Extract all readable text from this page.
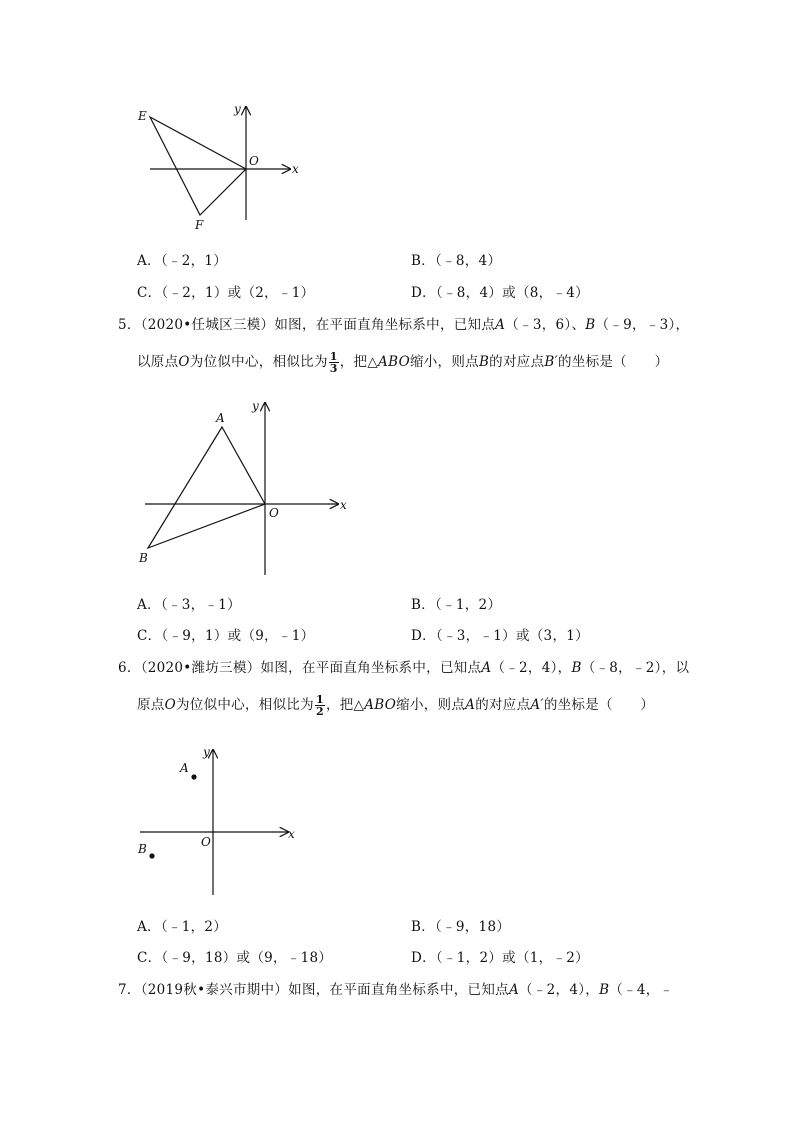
E
F
O
x
y
A．（﹣2，1）	B．（﹣8，4）
C．（﹣2，1）或（2，﹣1）	D．（﹣8，4）或（8，﹣4）
5．（2020•任城区三模）如图，在平面直角坐标系中，已知点A（﹣3，6）、B（﹣9，﹣3），
以原点O为位似中心，相似比为 $\frac{1}{3}$ ，把△ABO缩小，则点B的对应点B′的坐标是（　　）
A
B
O
x
y
A．（﹣3，﹣1）	B．（﹣1，2）
C．（﹣9，1）或（9，﹣1）	D．（﹣3，﹣1）或（3，1）
6．（2020•潍坊三模）如图，在平面直角坐标系中，已知点A（﹣2，4），B（﹣8，﹣2），以
原点O为位似中心，相似比为 $\frac{1}{2}$ ，把△ABO缩小，则点A的对应点A′的坐标是（　　）
A
B	O
x
y
A．（﹣1，2）	B．（﹣9，18）
C．（﹣9，18）或（9，﹣18）	D．（﹣1，2）或（1，﹣2）
7．（2019秋•泰兴市期中）如图，在平面直角坐标系中，已知点A（﹣2，4），B（﹣4，﹣
